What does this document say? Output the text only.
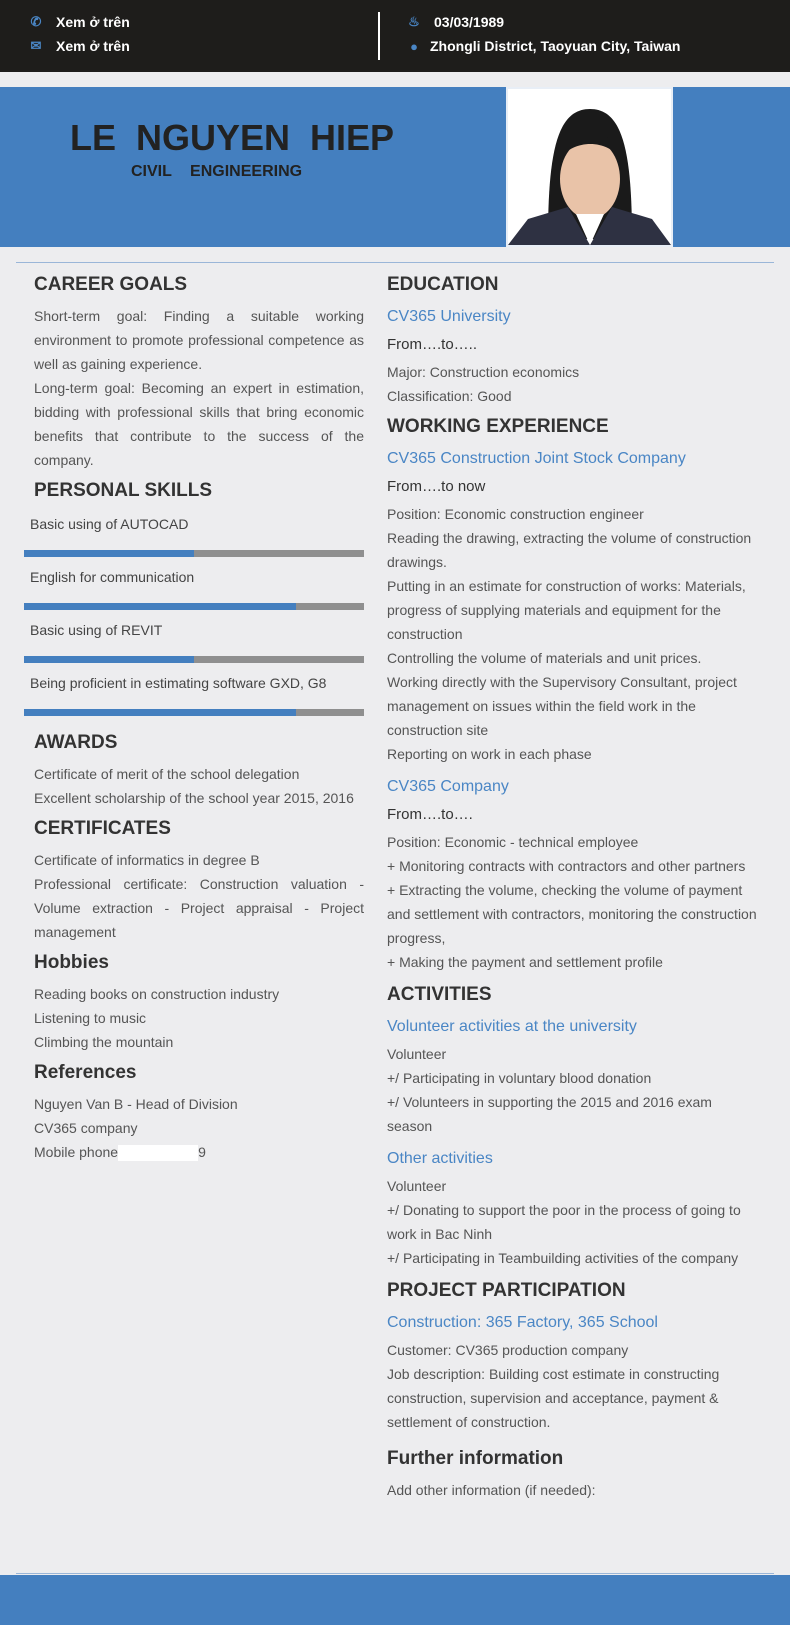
✆ Xem ở trên
✉ Xem ở trên
♨ 03/03/1989
● Zhongli District, Taoyuan City, Taiwan
LE NGUYEN HIEP
CIVIL ENGINEERING
CAREER GOALS
Short-term goal: Finding a suitable working environment to promote professional competence as well as gaining experience.
Long-term goal: Becoming an expert in estimation, bidding with professional skills that bring economic benefits that contribute to the success of the company.
PERSONAL SKILLS
Basic using of AUTOCAD
English for communication
Basic using of REVIT
Being proficient in estimating software GXD, G8
AWARDS
Certificate of merit of the school delegation
Excellent scholarship of the school year 2015, 2016
CERTIFICATES
Certificate of informatics in degree B
Professional certificate: Construction valuation - Volume extraction - Project appraisal - Project management
Hobbies
Reading books on construction industry
Listening to music
Climbing the mountain
References
Nguyen Van B - Head of Division
CV365 company
Mobile phone	9
EDUCATION
CV365 University
From….to…..
Major: Construction economics
Classification: Good
WORKING EXPERIENCE
CV365 Construction Joint Stock Company
From….to now
Position: Economic construction engineer
Reading the drawing, extracting the volume of construction drawings.
Putting in an estimate for construction of works: Materials, progress of supplying materials and equipment for the construction
Controlling the volume of materials and unit prices.
Working directly with the Supervisory Consultant, project management on issues within the field work in the construction site
Reporting on work in each phase
CV365 Company
From….to….
Position: Economic - technical employee
+ Monitoring contracts with contractors and other partners
+ Extracting the volume, checking the volume of payment and settlement with contractors, monitoring the construction progress,
+ Making the payment and settlement profile
ACTIVITIES
Volunteer activities at the university
Volunteer
+/ Participating in voluntary blood donation
+/ Volunteers in supporting the 2015 and 2016 exam season
Other activities
Volunteer
+/ Donating to support the poor in the process of going to work in Bac Ninh
+/ Participating in Teambuilding activities of the company
PROJECT PARTICIPATION
Construction: 365 Factory, 365 School
Customer: CV365 production company
Job description: Building cost estimate in constructing construction, supervision and acceptance, payment & settlement of construction.
Further information
Add other information (if needed):
